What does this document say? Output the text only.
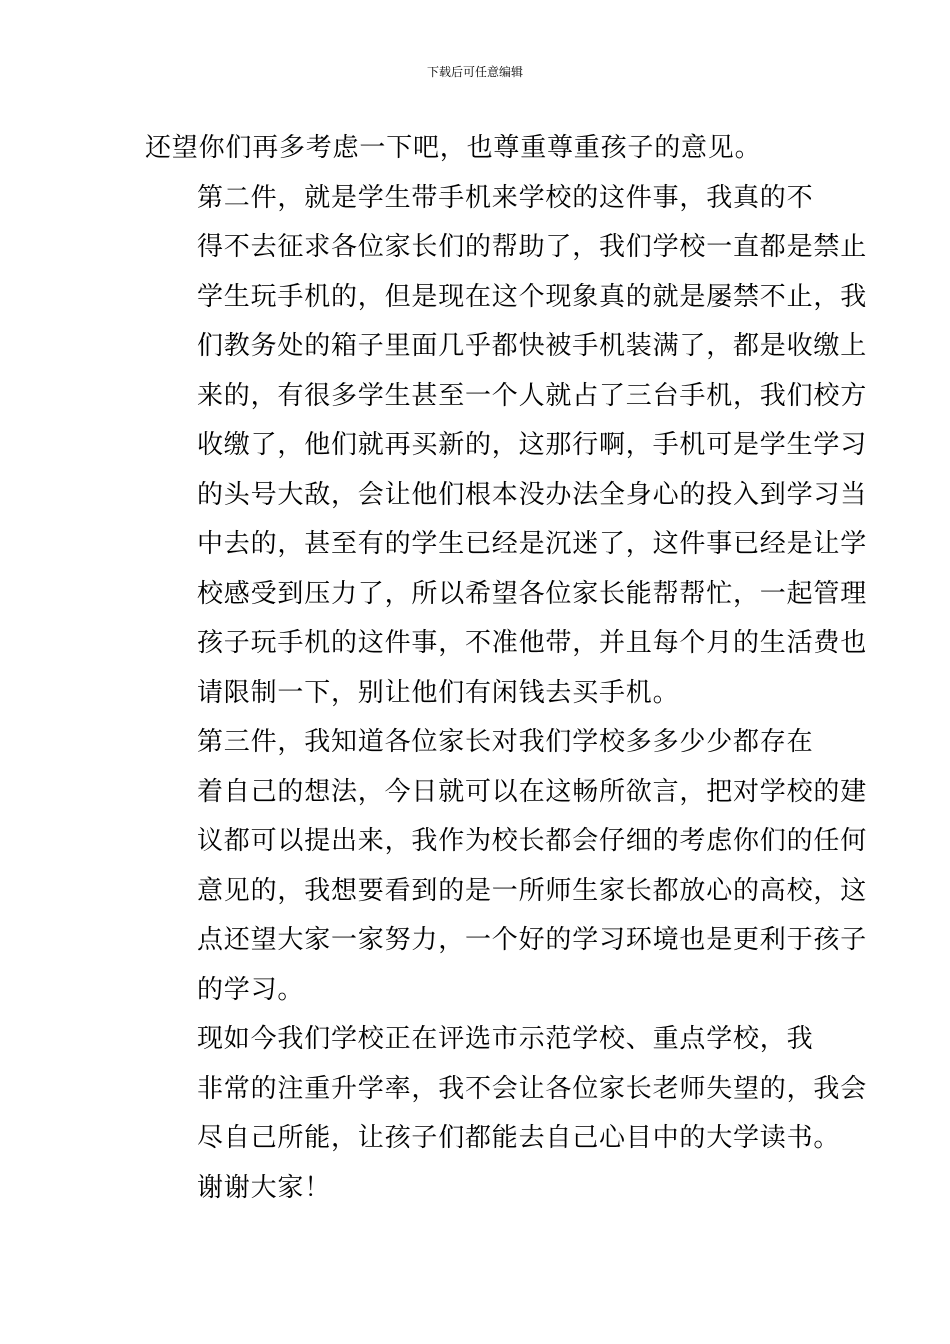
下载后可任意编辑

还望你们再多考虑一下吧，也尊重尊重孩子的意见。

第二件，就是学生带手机来学校的这件事，我真的不

得不去征求各位家长们的帮助了，我们学校一直都是禁止
学生玩手机的，但是现在这个现象真的就是屡禁不止，我
们教务处的箱子里面几乎都快被手机装满了，都是收缴上
来的，有很多学生甚至一个人就占了三台手机，我们校方
收缴了，他们就再买新的，这那行啊，手机可是学生学习
的头号大敌，会让他们根本没办法全身心的投入到学习当
中去的，甚至有的学生已经是沉迷了，这件事已经是让学
校感受到压力了，所以希望各位家长能帮帮忙，一起管理
孩子玩手机的这件事，不准他带，并且每个月的生活费也
请限制一下，别让他们有闲钱去买手机。

第三件，我知道各位家长对我们学校多多少少都存在

着自己的想法，今日就可以在这畅所欲言，把对学校的建
议都可以提出来，我作为校长都会仔细的考虑你们的任何
意见的，我想要看到的是一所师生家长都放心的高校，这
点还望大家一家努力，一个好的学习环境也是更利于孩子
的学习。

现如今我们学校正在评选市示范学校、重点学校，我

非常的注重升学率，我不会让各位家长老师失望的，我会
尽自己所能，让孩子们都能去自己心目中的大学读书。

谢谢大家！
